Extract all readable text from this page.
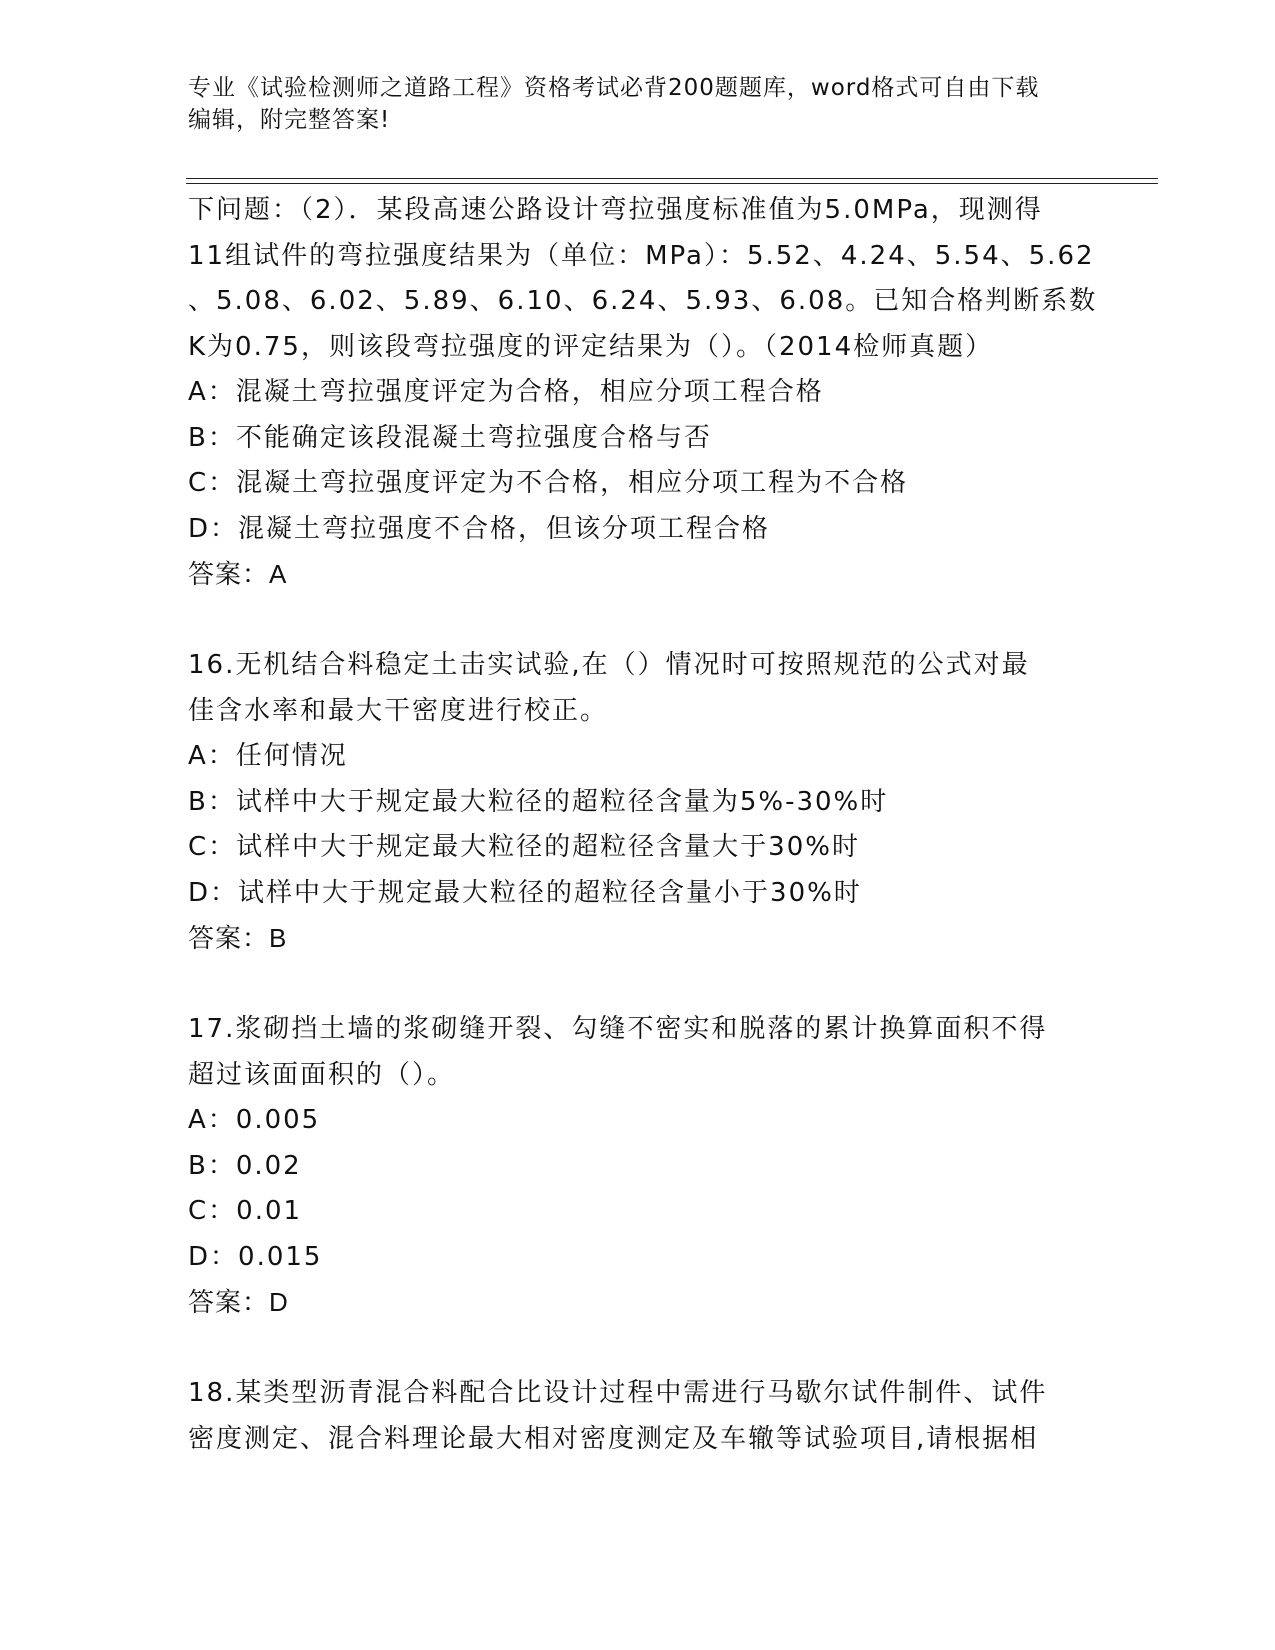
专业《试验检测师之道路工程》资格考试必背200题题库，word格式可自由下载
编辑，附完整答案!
下问题：（2）．某段高速公路设计弯拉强度标准值为5.0MPa，现测得
11组试件的弯拉强度结果为（单位：MPa）：5.52、4.24、5.54、5.62
、5.08、6.02、5.89、6.10、6.24、5.93、6.08。已知合格判断系数
K为0.75，则该段弯拉强度的评定结果为（）。（2014检师真题）
A：混凝土弯拉强度评定为合格，相应分项工程合格
B：不能确定该段混凝土弯拉强度合格与否
C：混凝土弯拉强度评定为不合格，相应分项工程为不合格
D：混凝土弯拉强度不合格，但该分项工程合格
答案：A
16.无机结合料稳定土击实试验,在（）情况时可按照规范的公式对最
佳含水率和最大干密度进行校正。
A：任何情况
B：试样中大于规定最大粒径的超粒径含量为5%-30%时
C：试样中大于规定最大粒径的超粒径含量大于30%时
D：试样中大于规定最大粒径的超粒径含量小于30%时
答案：B
17.浆砌挡土墙的浆砌缝开裂、勾缝不密实和脱落的累计换算面积不得
超过该面面积的（）。
A：0.005
B：0.02
C：0.01
D：0.015
答案：D
18.某类型沥青混合料配合比设计过程中需进行马歇尔试件制件、试件
密度测定、混合料理论最大相对密度测定及车辙等试验项目,请根据相
